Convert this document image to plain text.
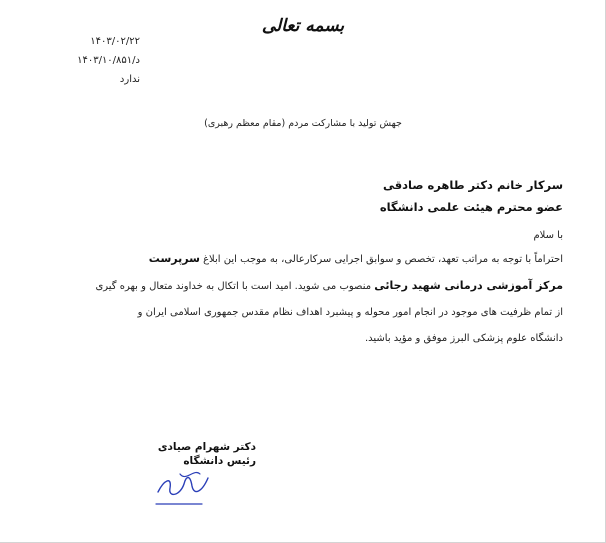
بسمه تعالی
۱۴۰۳/۰۲/۲۲
۱۴۰۳/د/۱۰/۸۵۱
ندارد
جهش تولید با مشارکت مردم (مقام معظم رهبری)
سرکار خانم دکتر طاهره صادقی
عضو محترم هیئت علمی دانشگاه
با سلام
احتراماً با توجه به مراتب تعهد، تخصص و سوابق اجرایی سرکارعالی، به موجب این ابلاغ سرپرست
مرکز آموزشی درمانی شهید رجائی منصوب می شوید. امید است با اتکال به خداوند متعال و بهره گیری
از تمام ظرفیت های موجود در انجام امور محوله و پیشبرد اهداف نظام مقدس جمهوری اسلامی ایران و
دانشگاه علوم پزشکی البرز موفق و مؤید باشید.
دکتر شهرام صیادی
رئیس دانشگاه
